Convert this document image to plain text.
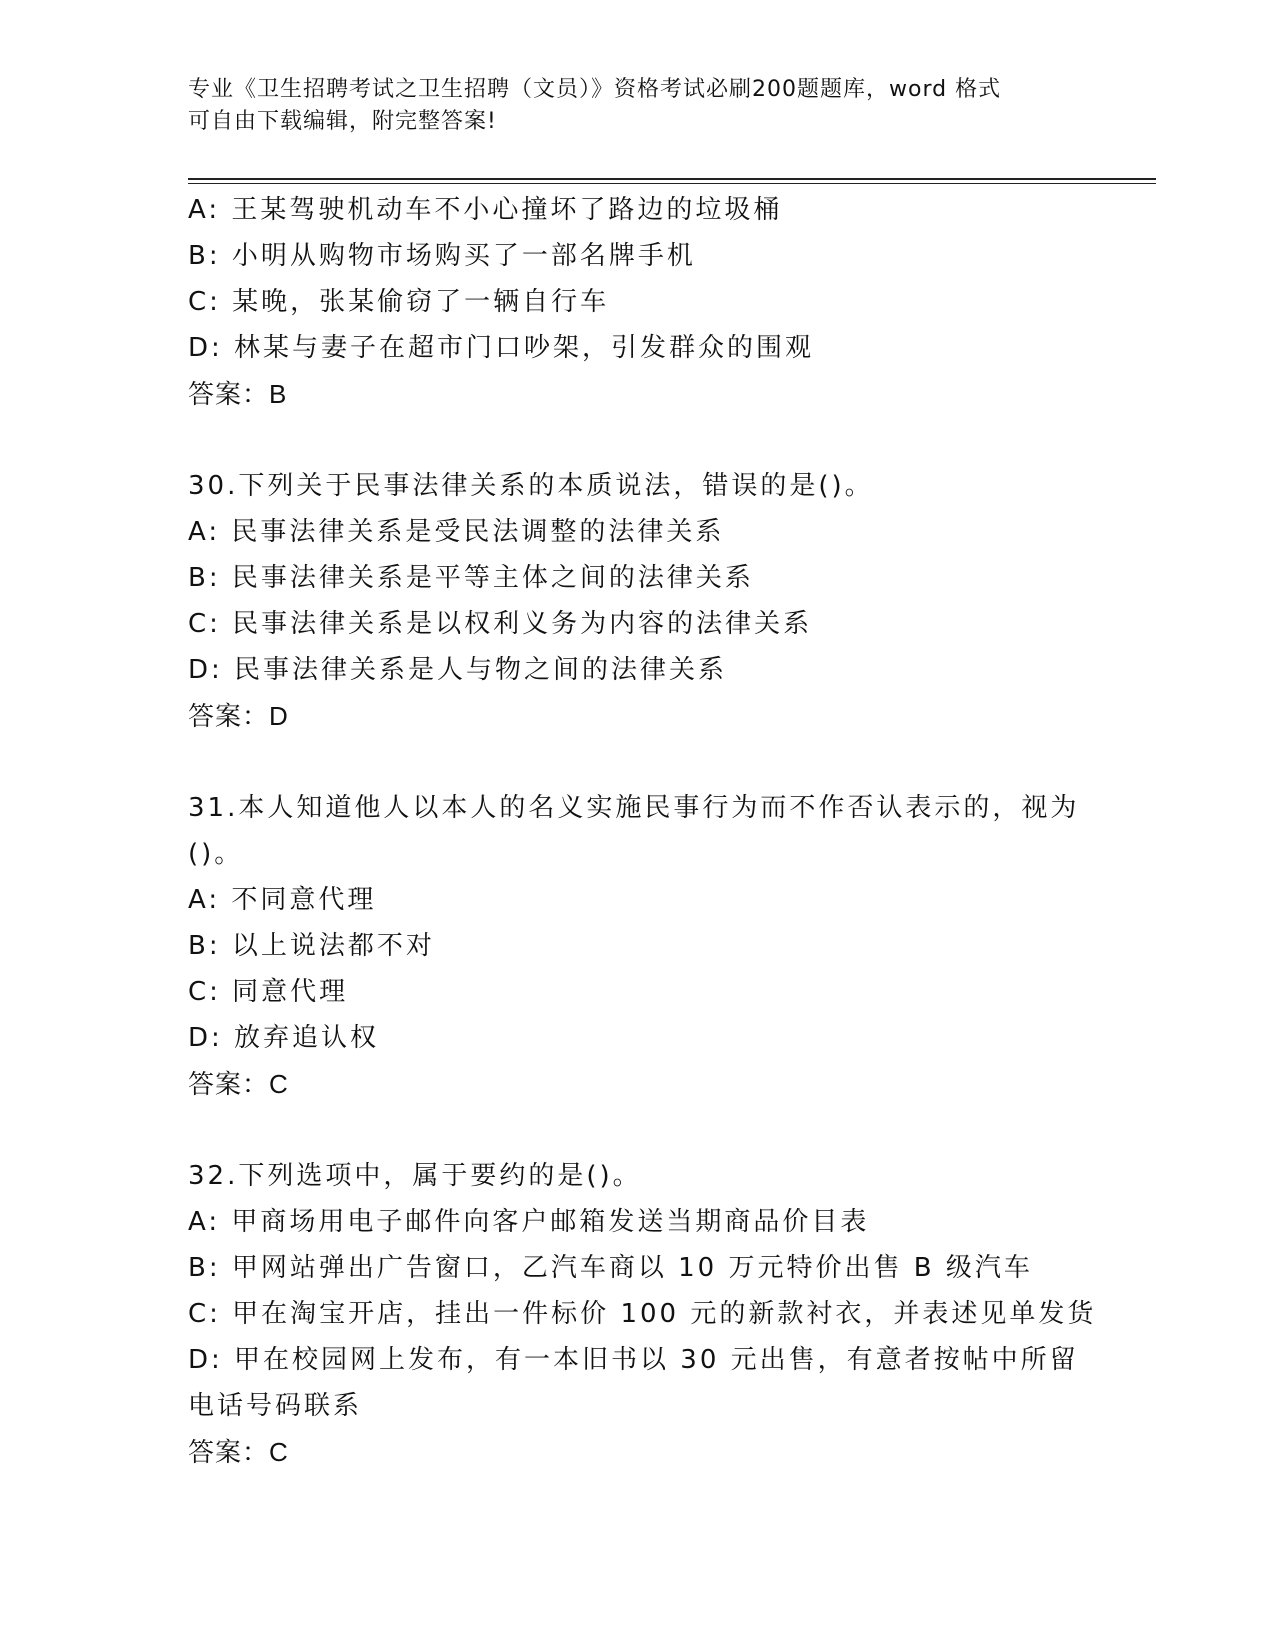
专业《卫生招聘考试之卫生招聘（文员）》资格考试必刷200题题库，word 格式
可自由下载编辑，附完整答案!
A: 王某驾驶机动车不小心撞坏了路边的垃圾桶
B: 小明从购物市场购买了一部名牌手机
C: 某晚，张某偷窃了一辆自行车
D: 林某与妻子在超市门口吵架，引发群众的围观
答案：B
30.下列关于民事法律关系的本质说法，错误的是()。
A: 民事法律关系是受民法调整的法律关系
B: 民事法律关系是平等主体之间的法律关系
C: 民事法律关系是以权利义务为内容的法律关系
D: 民事法律关系是人与物之间的法律关系
答案：D
31.本人知道他人以本人的名义实施民事行为而不作否认表示的，视为
()。
A: 不同意代理
B: 以上说法都不对
C: 同意代理
D: 放弃追认权
答案：C
32.下列选项中，属于要约的是()。
A: 甲商场用电子邮件向客户邮箱发送当期商品价目表
B: 甲网站弹出广告窗口，乙汽车商以 10 万元特价出售 B 级汽车
C: 甲在淘宝开店，挂出一件标价 100 元的新款衬衣，并表述见单发货
D: 甲在校园网上发布，有一本旧书以 30 元出售，有意者按帖中所留
电话号码联系
答案：C
